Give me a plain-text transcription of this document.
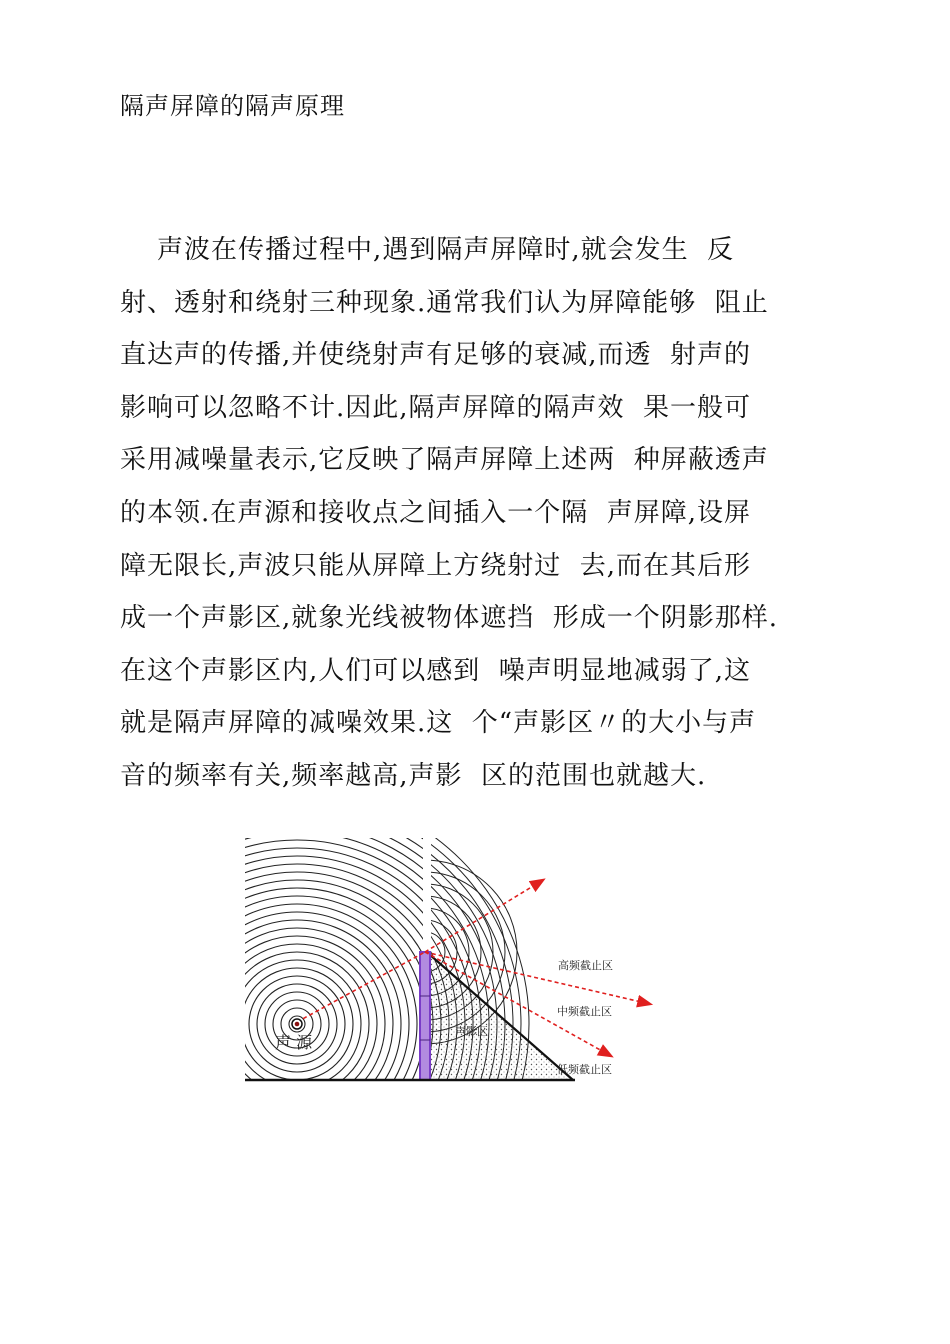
隔声屏障的隔声原理
声波在传播过程中,遇到隔声屏障时,就会发生  反
射、透射和绕射三种现象.通常我们认为屏障能够  阻止
直达声的传播,并使绕射声有足够的衰减,而透  射声的
影响可以忽略不计.因此,隔声屏障的隔声效  果一般可
采用减噪量表示,它反映了隔声屏障上述两  种屏蔽透声
的本领.在声源和接收点之间插入一个隔  声屏障,设屏
障无限长,声波只能从屏障上方绕射过  去,而在其后形
成一个声影区,就象光线被物体遮挡  形成一个阴影那样.
在这个声影区内,人们可以感到  噪声明显地减弱了,这
就是隔声屏障的减噪效果.这  个“声影区〃的大小与声
音的频率有关,频率越高,声影  区的范围也就越大.
声 源
声影区
高频截止区
中频截止区
低频截止区
